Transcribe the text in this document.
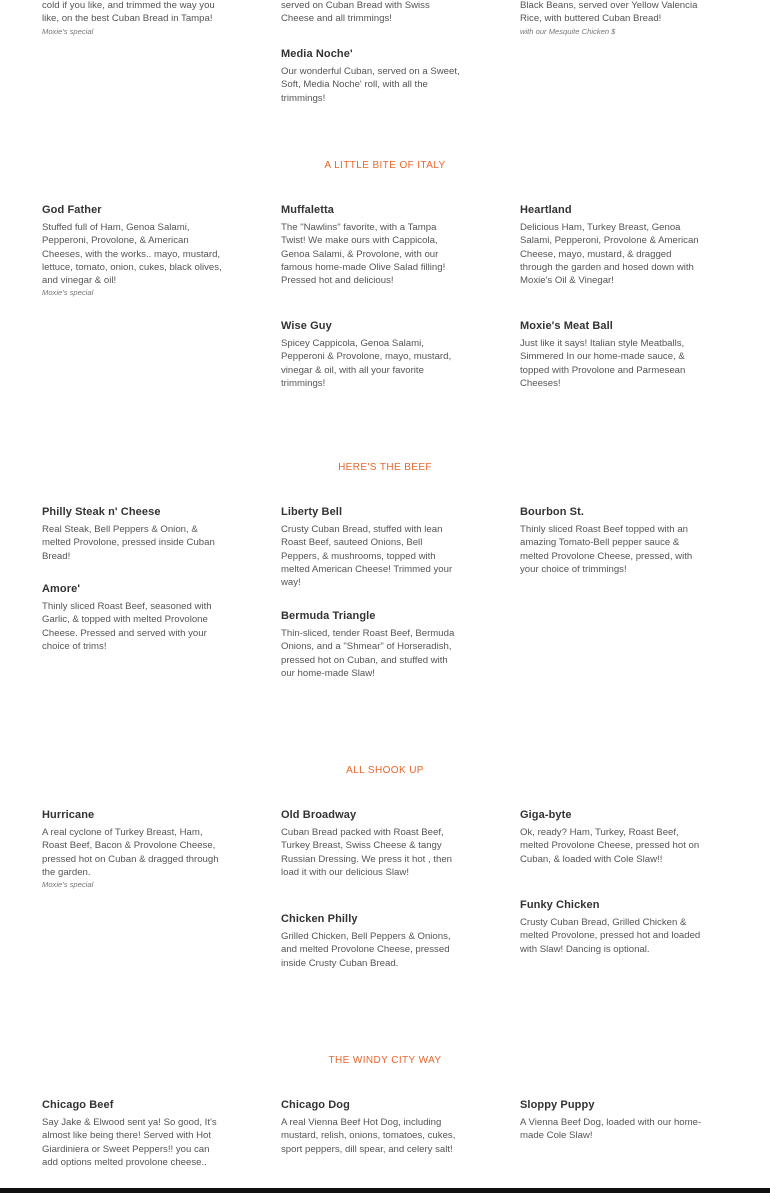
cold if you like, and trimmed the way you like, on the best Cuban Bread in Tampa!

Moxie's special

served on Cuban Bread with Swiss Cheese and all trimmings!

Media Noche'

Our wonderful Cuban, served on a Sweet, Soft, Media Noche' roll, with all the trimmings!

Black Beans, served over Yellow Valencia Rice, with buttered Cuban Bread!

with our Mesquite Chicken $

A LITTLE BITE OF ITALY

God Father

Stuffed full of Ham, Genoa Salami, Pepperoni, Provolone, & American Cheeses, with the works.. mayo, mustard, lettuce, tomato, onion, cukes, black olives, and vinegar & oil!

Moxie's special

Muffaletta

The "Nawlins" favorite, with a Tampa Twist! We make ours with Cappicola, Genoa Salami, & Provolone, with our famous home-made Olive Salad filling! Pressed hot and delicious!

Wise Guy

Spicey Cappicola, Genoa Salami, Pepperoni & Provolone, mayo, mustard, vinegar & oil, with all your favorite trimmings!

Heartland

Delicious Ham, Turkey Breast, Genoa Salami, Pepperoni, Provolone & American Cheese, mayo, mustard, & dragged through the garden and hosed down with Moxie's Oil & Vinegar!

Moxie's Meat Ball

Just like it says! Italian style Meatballs, Simmered In our home-made sauce, & topped with Provolone and Parmesean Cheeses!

HERE'S THE BEEF

Philly Steak n' Cheese

Real Steak, Bell Peppers & Onion, & melted Provolone, pressed inside Cuban Bread!

Amore'

Thinly sliced Roast Beef, seasoned with Garlic, & topped with melted Provolone Cheese. Pressed and served with your choice of trims!

Liberty Bell

Crusty Cuban Bread, stuffed with lean Roast Beef, sauteed Onions, Bell Peppers, & mushrooms, topped with melted American Cheese! Trimmed your way!

Bermuda Triangle

Thin-sliced, tender Roast Beef, Bermuda Onions, and a "Shmear" of Horseradish, pressed hot on Cuban, and stuffed with our home-made Slaw!

Bourbon St.

Thinly sliced Roast Beef topped with an amazing Tomato-Bell pepper sauce & melted Provolone Cheese, pressed, with your choice of trimmings!

ALL SHOOK UP

Hurricane

A real cyclone of Turkey Breast, Ham, Roast Beef, Bacon & Provolone Cheese, pressed hot on Cuban & dragged through the garden.

Moxie's special

Old Broadway

Cuban Bread packed with Roast Beef, Turkey Breast, Swiss Cheese & tangy Russian Dressing. We press it hot , then load it with our delicious Slaw!

Chicken Philly

Grilled Chicken, Bell Peppers & Onions, and melted Provolone Cheese, pressed inside Crusty Cuban Bread.

Giga-byte

Ok, ready? Ham, Turkey, Roast Beef, melted Provolone Cheese, pressed hot on Cuban, & loaded with Cole Slaw!!

Funky Chicken

Crusty Cuban Bread, Grilled Chicken & melted Provolone, pressed hot and loaded with Slaw! Dancing is optional.

THE WINDY CITY WAY

Chicago Beef

Say Jake & Elwood sent ya! So good, It's almost like being there! Served with Hot Giardiniera or Sweet Peppers!! you can add options melted provolone cheese..

Chicago Dog

A real Vienna Beef Hot Dog, including mustard, relish, onions, tomatoes, cukes, sport peppers, dill spear, and celery salt!

Sloppy Puppy

A Vienna Beef Dog, loaded with our home-made Cole Slaw!
